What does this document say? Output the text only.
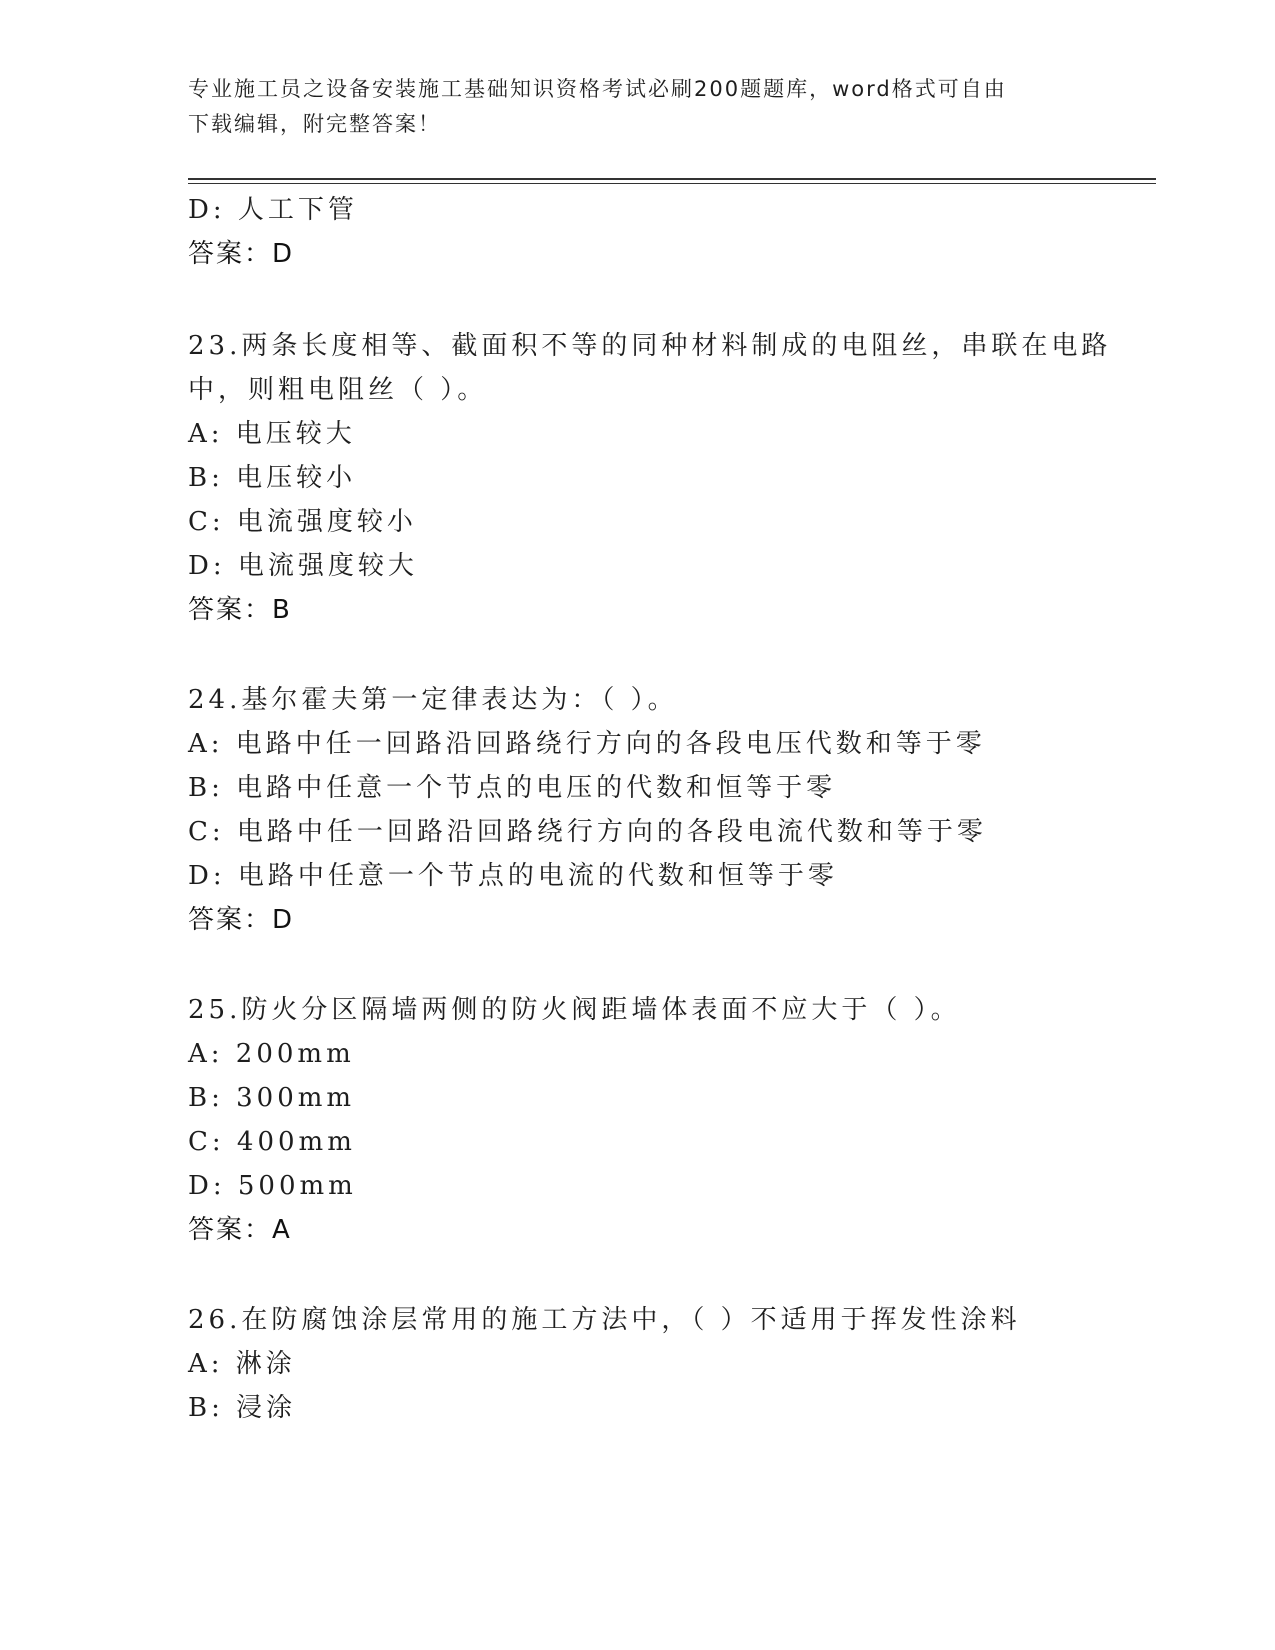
专业施工员之设备安装施工基础知识资格考试必刷200题题库，word格式可自由
下载编辑，附完整答案！
D: 人工下管
答案：D
23.两条长度相等、截面积不等的同种材料制成的电阻丝，串联在电路
中，则粗电阻丝（ ）。
A: 电压较大
B: 电压较小
C: 电流强度较小
D: 电流强度较大
答案：B
24.基尔霍夫第一定律表达为：（ ）。
A: 电路中任一回路沿回路绕行方向的各段电压代数和等于零
B: 电路中任意一个节点的电压的代数和恒等于零
C: 电路中任一回路沿回路绕行方向的各段电流代数和等于零
D: 电路中任意一个节点的电流的代数和恒等于零
答案：D
25.防火分区隔墙两侧的防火阀距墙体表面不应大于（ ）。
A: 200mm
B: 300mm
C: 400mm
D: 500mm
答案：A
26.在防腐蚀涂层常用的施工方法中，（ ）不适用于挥发性涂料
A: 淋涂
B: 浸涂
